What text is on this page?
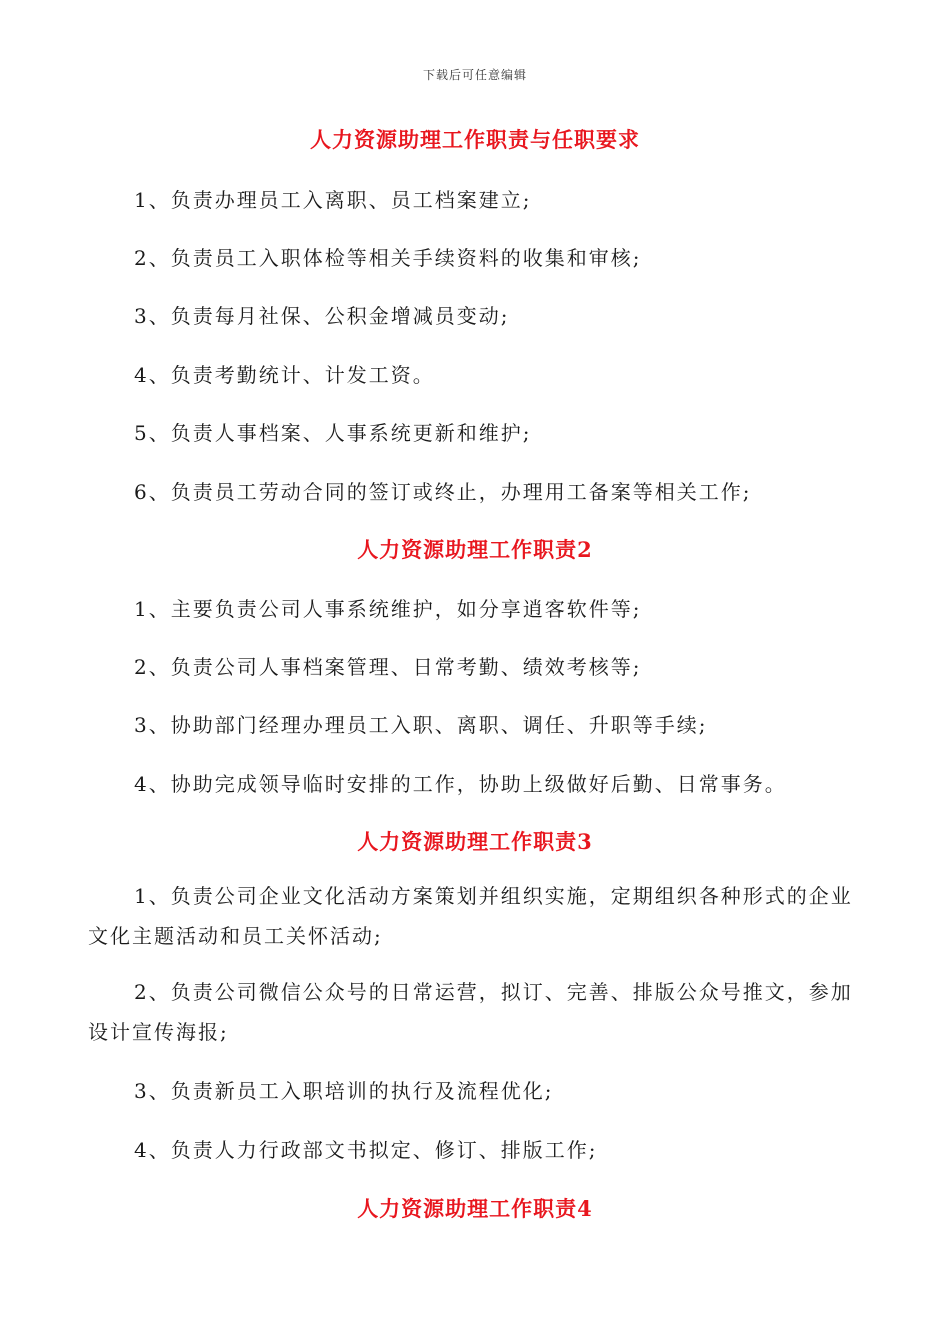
下载后可任意编辑
人力资源助理工作职责与任职要求
1、负责办理员工入离职、员工档案建立;
2、负责员工入职体检等相关手续资料的收集和审核;
3、负责每月社保、公积金增减员变动;
4、负责考勤统计、计发工资。
5、负责人事档案、人事系统更新和维护;
6、负责员工劳动合同的签订或终止，办理用工备案等相关工作;
人力资源助理工作职责2
1、主要负责公司人事系统维护，如分享逍客软件等;
2、负责公司人事档案管理、日常考勤、绩效考核等;
3、协助部门经理办理员工入职、离职、调任、升职等手续;
4、协助完成领导临时安排的工作，协助上级做好后勤、日常事务。
人力资源助理工作职责3

1、负责公司企业文化活动方案策划并组织实施，定期组织各种形式的企业文化主题活动和员工关怀活动;

2、负责公司微信公众号的日常运营，拟订、完善、排版公众号推文，参加设计宣传海报;

3、负责新员工入职培训的执行及流程优化;
4、负责人力行政部文书拟定、修订、排版工作;
人力资源助理工作职责4
